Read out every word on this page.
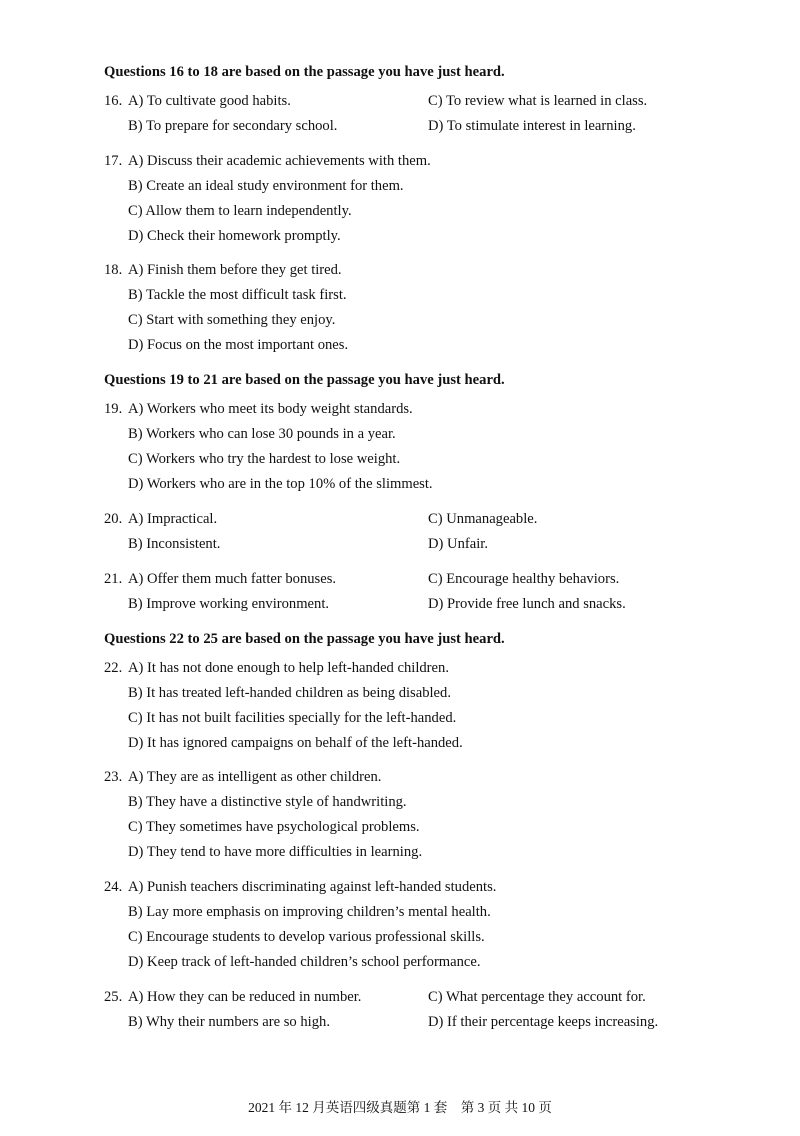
Questions 16 to 18 are based on the passage you have just heard.
16. A) To cultivate good habits.	C) To review what is learned in class.
B) To prepare for secondary school.	D) To stimulate interest in learning.
17. A) Discuss their academic achievements with them.
B) Create an ideal study environment for them.
C) Allow them to learn independently.
D) Check their homework promptly.
18. A) Finish them before they get tired.
B) Tackle the most difficult task first.
C) Start with something they enjoy.
D) Focus on the most important ones.
Questions 19 to 21 are based on the passage you have just heard.
19. A) Workers who meet its body weight standards.
B) Workers who can lose 30 pounds in a year.
C) Workers who try the hardest to lose weight.
D) Workers who are in the top 10% of the slimmest.
20. A) Impractical.	C) Unmanageable.
B) Inconsistent.	D) Unfair.
21. A) Offer them much fatter bonuses.	C) Encourage healthy behaviors.
B) Improve working environment.	D) Provide free lunch and snacks.
Questions 22 to 25 are based on the passage you have just heard.
22. A) It has not done enough to help left-handed children.
B) It has treated left-handed children as being disabled.
C) It has not built facilities specially for the left-handed.
D) It has ignored campaigns on behalf of the left-handed.
23. A) They are as intelligent as other children.
B) They have a distinctive style of handwriting.
C) They sometimes have psychological problems.
D) They tend to have more difficulties in learning.
24. A) Punish teachers discriminating against left-handed students.
B) Lay more emphasis on improving children’s mental health.
C) Encourage students to develop various professional skills.
D) Keep track of left-handed children’s school performance.
25. A) How they can be reduced in number.	C) What percentage they account for.
B) Why their numbers are so high.	D) If their percentage keeps increasing.
2021 年 12 月英语四级真题第 1 套　第 3 页 共 10 页
